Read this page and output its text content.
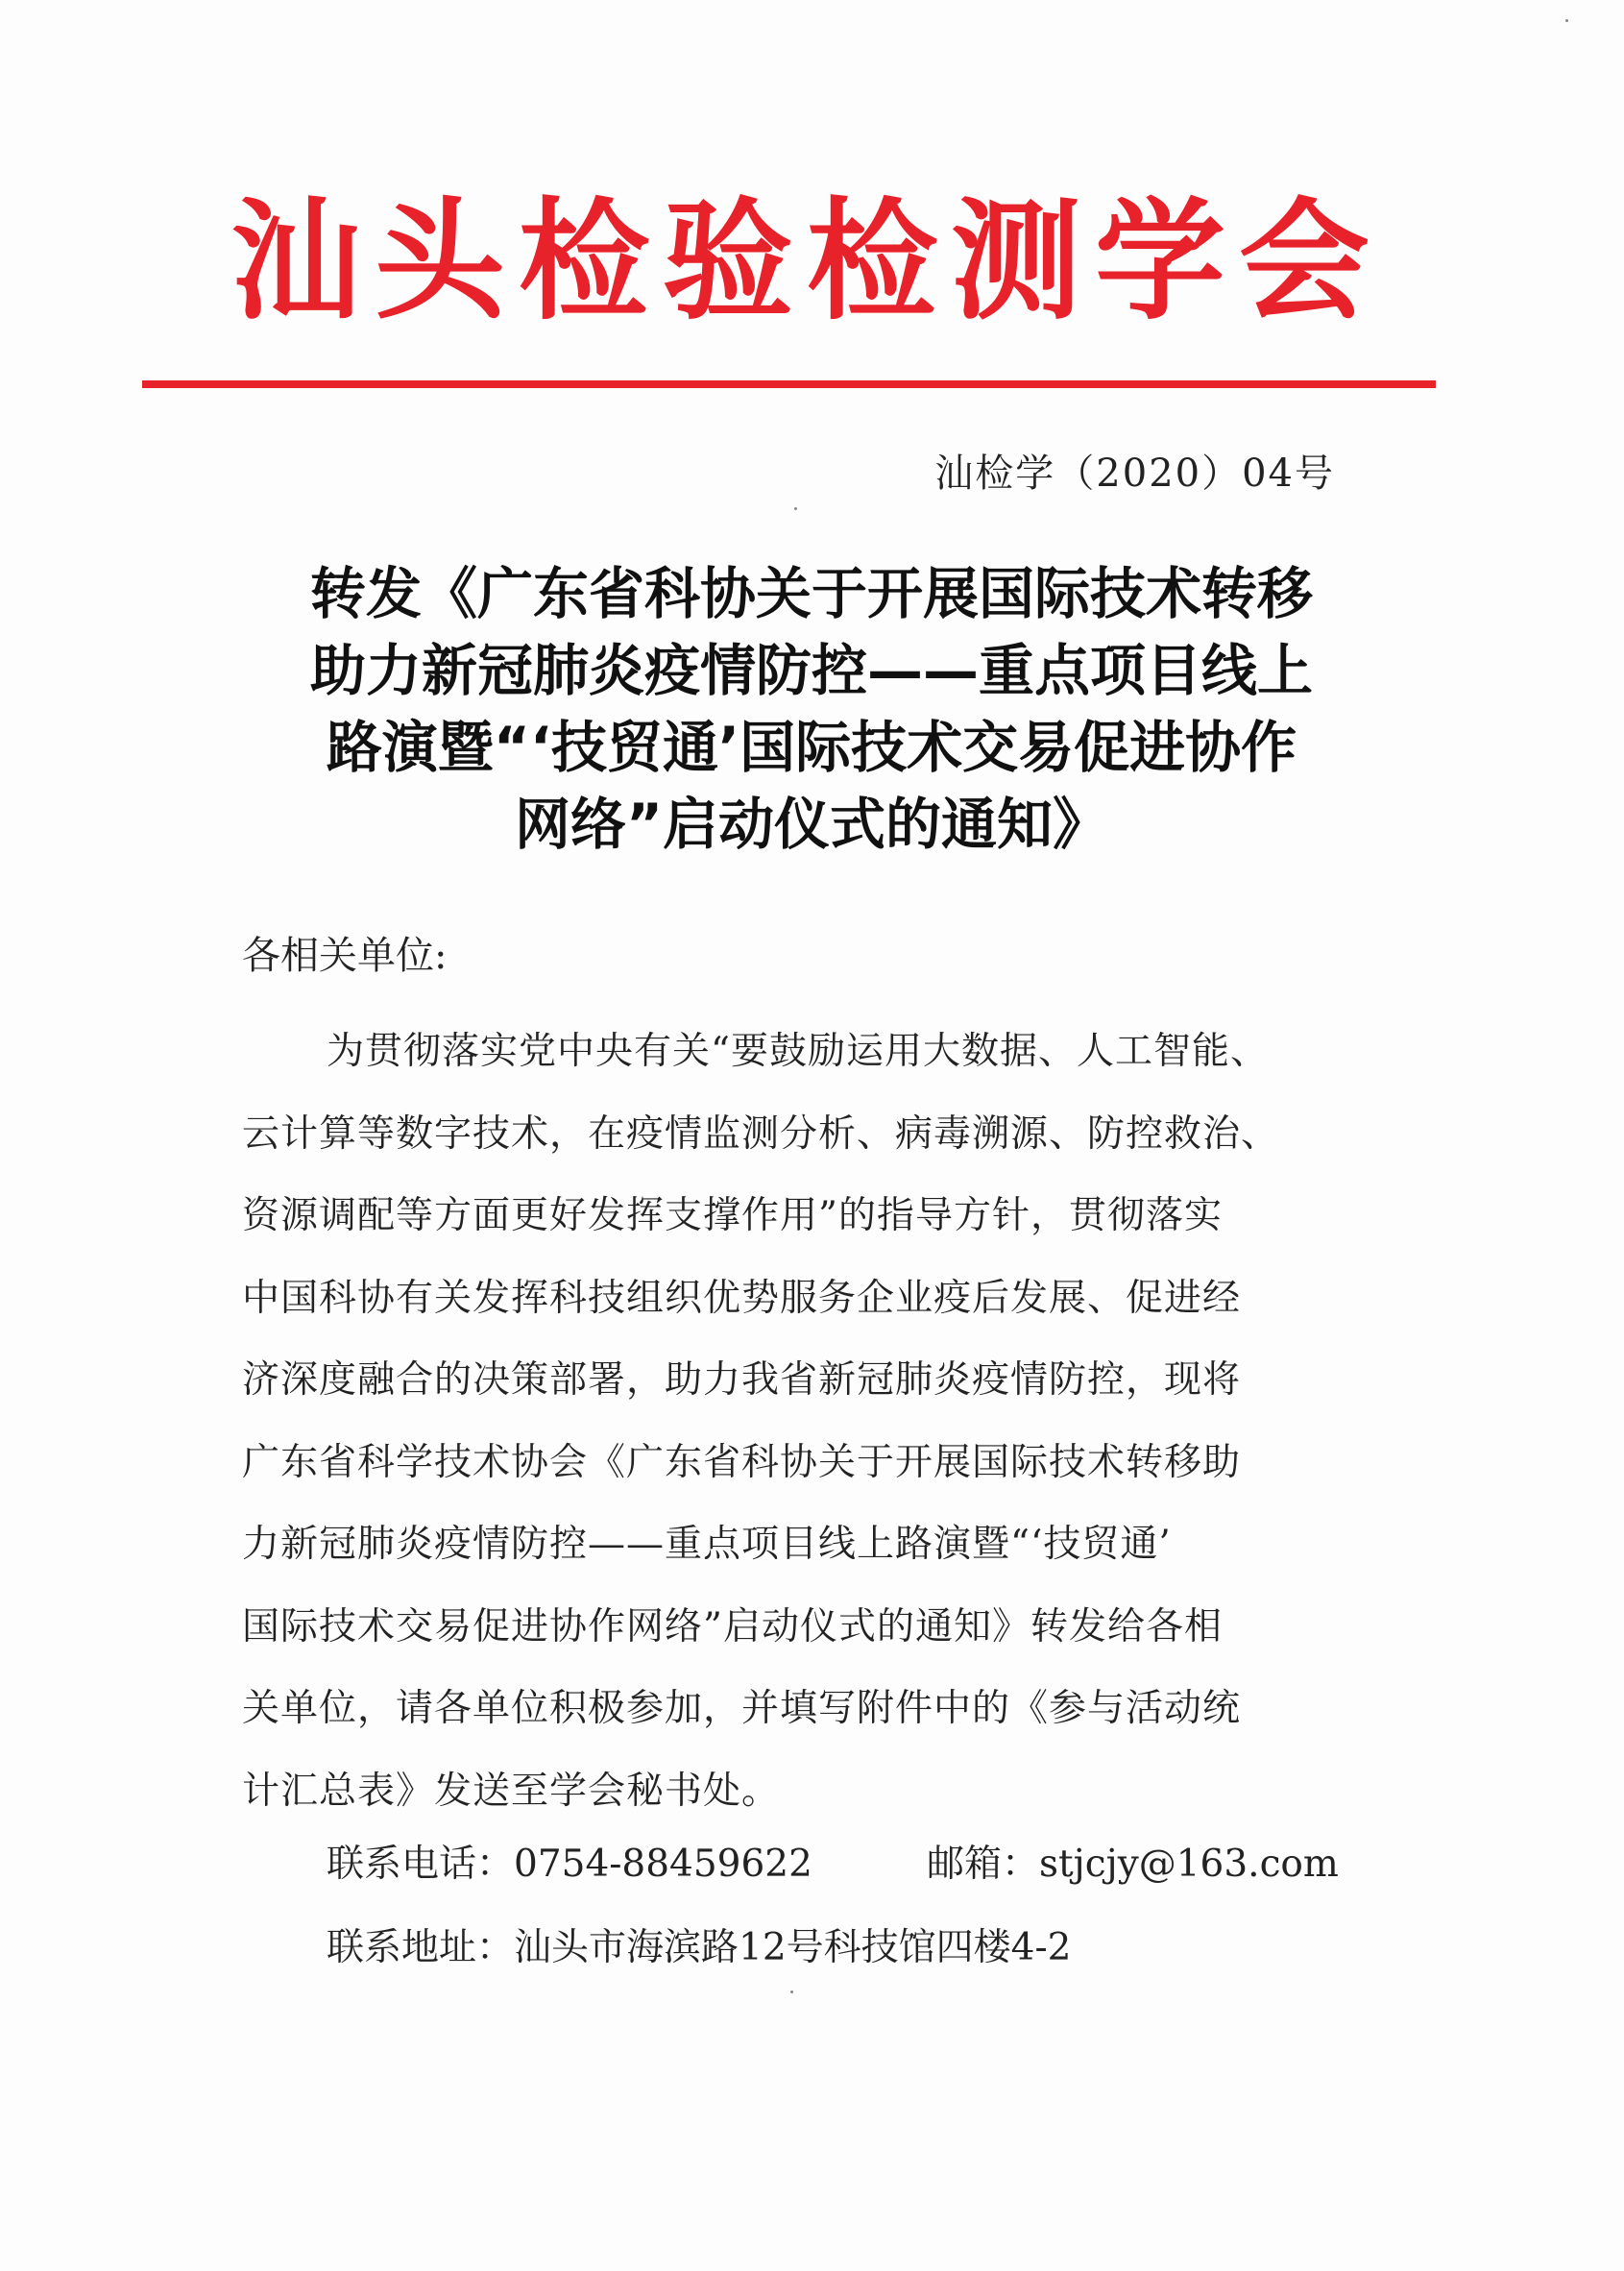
汕头检验检测学会
汕检学（2020）04号
转发《广东省科协关于开展国际技术转移
助力新冠肺炎疫情防控——重点项目线上
路演暨“‘技贸通’国际技术交易促进协作
网络”启动仪式的通知》
各相关单位:
为贯彻落实党中央有关“要鼓励运用大数据、人工智能、
云计算等数字技术，在疫情监测分析、病毒溯源、防控救治、
资源调配等方面更好发挥支撑作用”的指导方针，贯彻落实
中国科协有关发挥科技组织优势服务企业疫后发展、促进经
济深度融合的决策部署，助力我省新冠肺炎疫情防控，现将
广东省科学技术协会《广东省科协关于开展国际技术转移助
力新冠肺炎疫情防控——重点项目线上路演暨“‘技贸通’
国际技术交易促进协作网络”启动仪式的通知》转发给各相
关单位，请各单位积极参加，并填写附件中的《参与活动统
计汇总表》发送至学会秘书处。
联系电话：0754-88459622	邮箱：stjcjy@163.com
联系地址：汕头市海滨路12号科技馆四楼4-2
